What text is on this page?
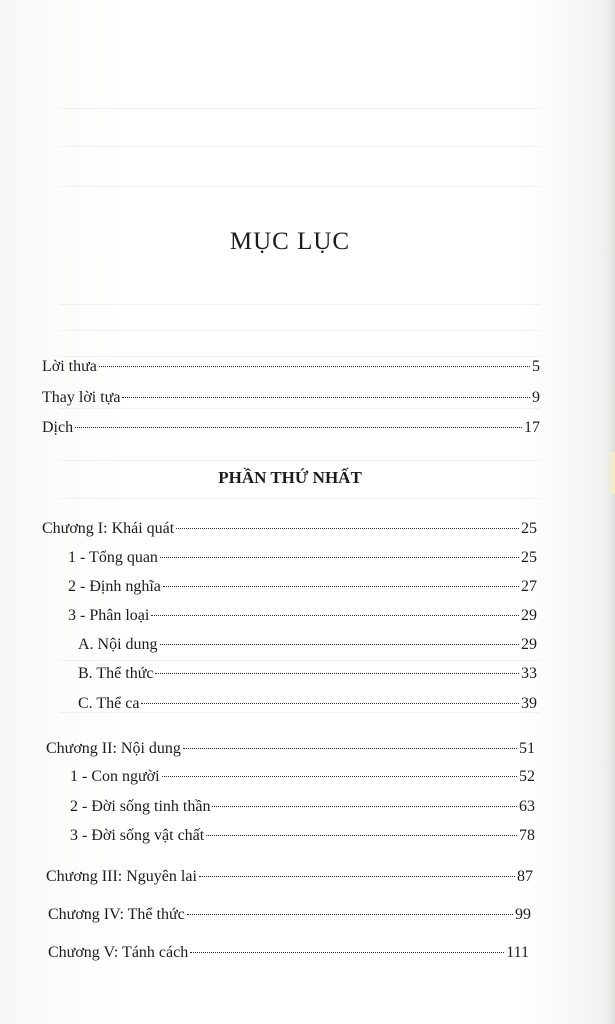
MỤC LỤC
Lời thưa	5
Thay lời tựa	9
Dịch	17
PHẦN THỨ NHẤT
Chương I: Khái quát	25
1 - Tổng quan	25
2 - Định nghĩa	27
3 - Phân loại	29
A. Nội dung	29
B. Thể thức	33
C. Thể ca	39
Chương II: Nội dung	51
1 - Con người	52
2 - Đời sống tinh thần	63
3 - Đời sống vật chất	78
Chương III: Nguyên lai	87
Chương IV: Thể thức	99
Chương V: Tánh cách	111
